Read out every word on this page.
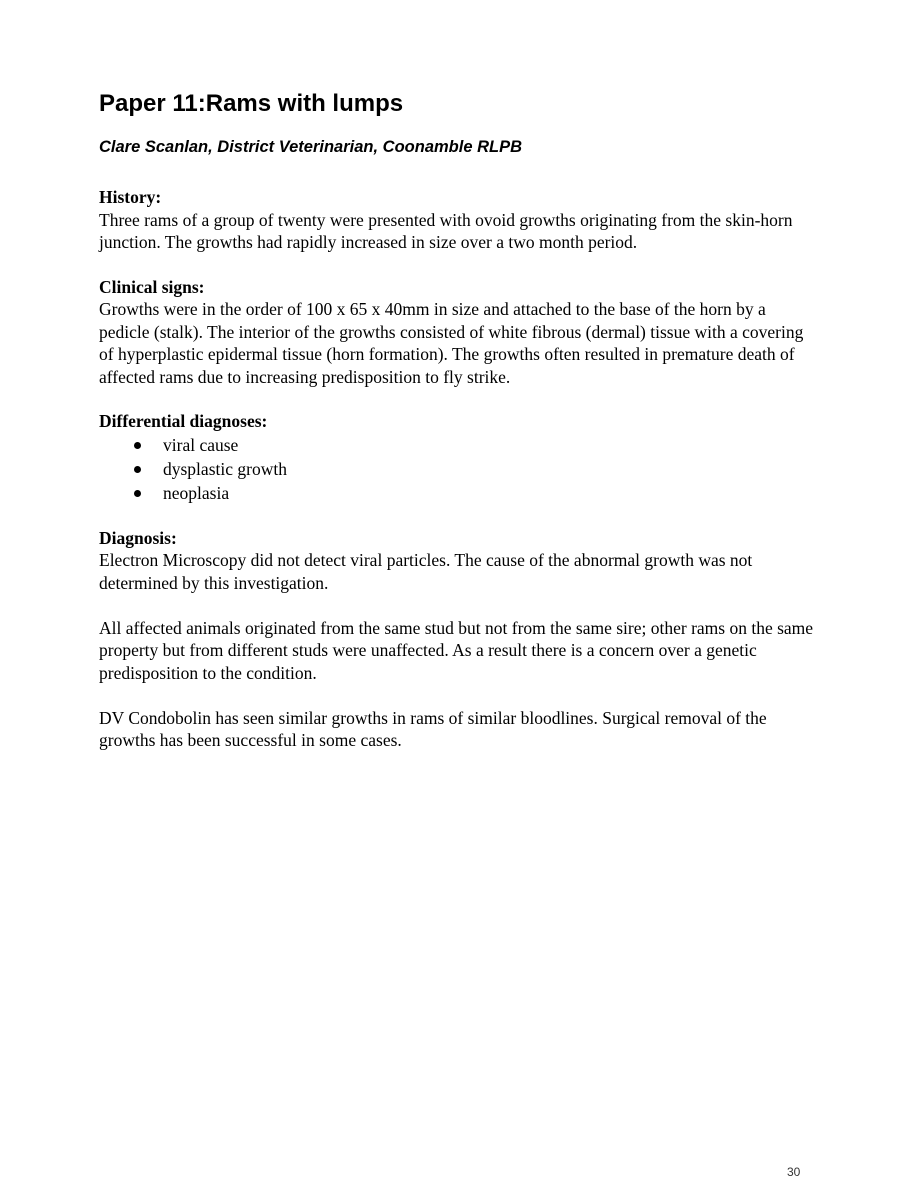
Paper 11:Rams with lumps

Clare Scanlan, District Veterinarian, Coonamble RLPB

History:

Three rams of a group of twenty were presented with ovoid growths originating from the skin-horn junction. The growths had rapidly increased in size over a two month period.

Clinical signs:

Growths were in the order of 100 x 65 x 40mm in size and attached to the base of the horn by a pedicle (stalk). The interior of the growths consisted of white fibrous (dermal) tissue with a covering of hyperplastic epidermal tissue (horn formation). The growths often resulted in premature death of affected rams due to increasing predisposition to fly strike.

Differential diagnoses:

viral cause
dysplastic growth
neoplasia

Diagnosis:

Electron Microscopy did not detect viral particles. The cause of the abnormal growth was not determined by this investigation.

All affected animals originated from the same stud but not from the same sire; other rams on the same property but from different studs were unaffected. As a result there is a concern over a genetic predisposition to the condition.

DV Condobolin has seen similar growths in rams of similar bloodlines. Surgical removal of the growths has been successful in some cases.

30
